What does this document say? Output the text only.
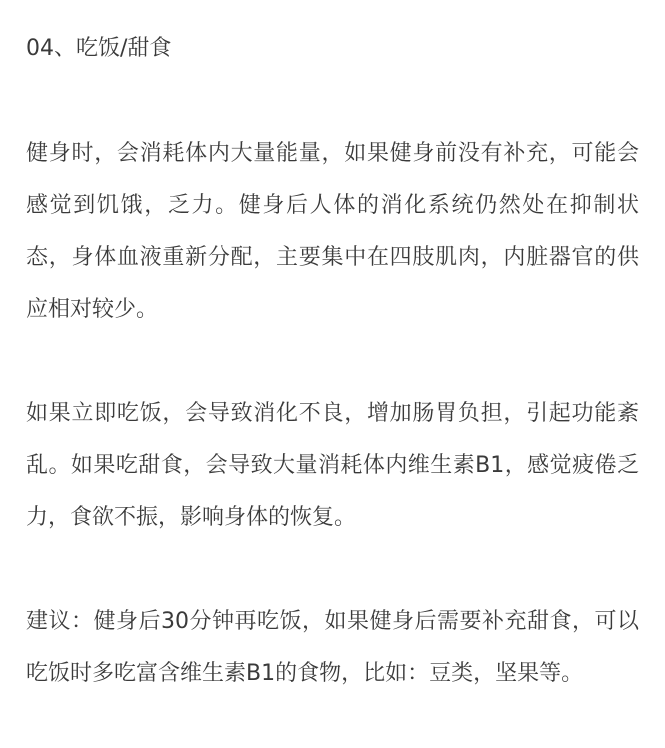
04、吃饭/甜食

健身时，会消耗体内大量能量，如果健身前没有补充，可能会感觉到饥饿，乏力。健身后人体的消化系统仍然处在抑制状态，身体血液重新分配，主要集中在四肢肌肉，内脏器官的供应相对较少。

如果立即吃饭，会导致消化不良，增加肠胃负担，引起功能紊乱。如果吃甜食，会导致大量消耗体内维生素B1，感觉疲倦乏力，食欲不振，影响身体的恢复。

建议：健身后30分钟再吃饭，如果健身后需要补充甜食，可以吃饭时多吃富含维生素B1的食物，比如：豆类，坚果等。
